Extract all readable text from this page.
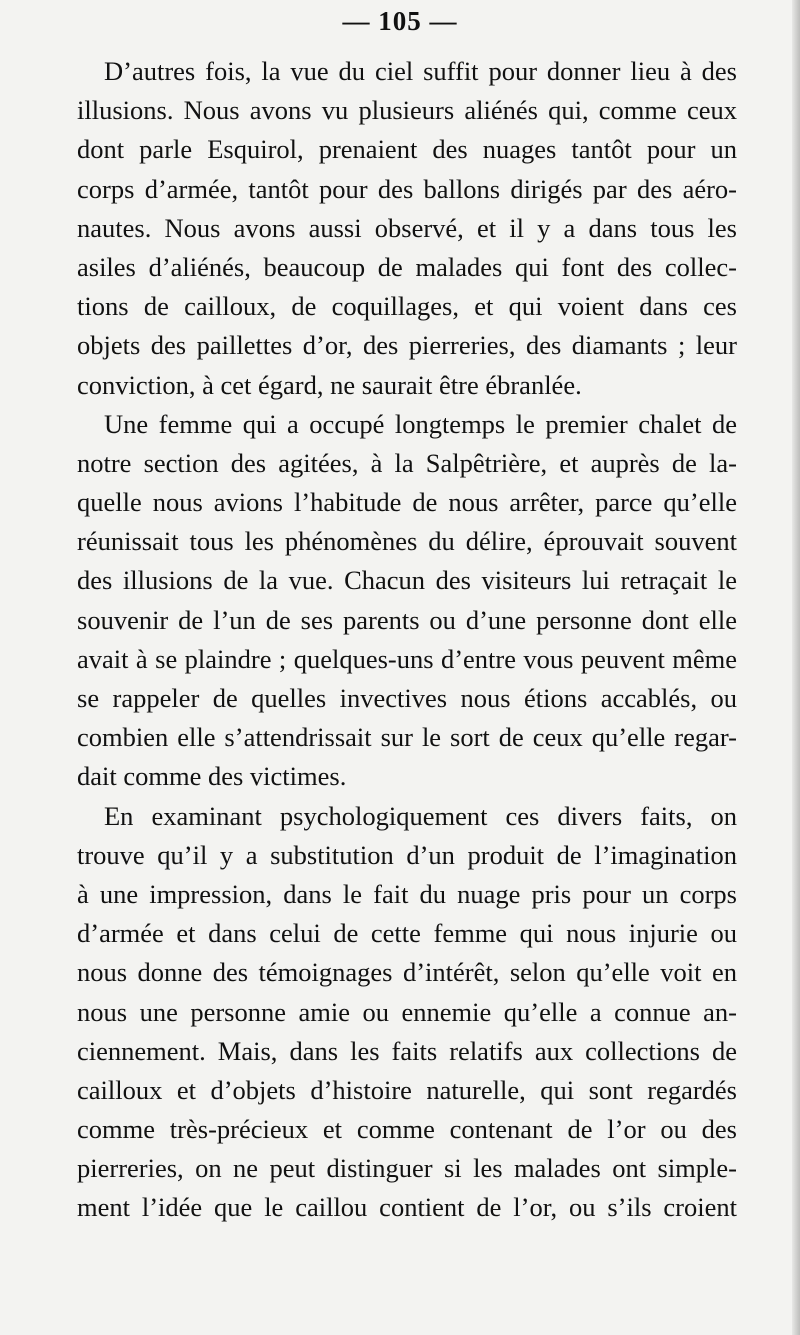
— 105 —
D’autres fois, la vue du ciel suffit pour donner lieu à des
illusions. Nous avons vu plusieurs aliénés qui, comme ceux
dont parle Esquirol, prenaient des nuages tantôt pour un
corps d’armée, tantôt pour des ballons dirigés par des aéro-
nautes. Nous avons aussi observé, et il y a dans tous les
asiles d’aliénés, beaucoup de malades qui font des collec-
tions de cailloux, de coquillages, et qui voient dans ces
objets des paillettes d’or, des pierreries, des diamants ; leur
conviction, à cet égard, ne saurait être ébranlée.
Une femme qui a occupé longtemps le premier chalet de
notre section des agitées, à la Salpêtrière, et auprès de la-
quelle nous avions l’habitude de nous arrêter, parce qu’elle
réunissait tous les phénomènes du délire, éprouvait souvent
des illusions de la vue. Chacun des visiteurs lui retraçait le
souvenir de l’un de ses parents ou d’une personne dont elle
avait à se plaindre ; quelques-uns d’entre vous peuvent même
se rappeler de quelles invectives nous étions accablés, ou
combien elle s’attendrissait sur le sort de ceux qu’elle regar-
dait comme des victimes.
En examinant psychologiquement ces divers faits, on
trouve qu’il y a substitution d’un produit de l’imagination
à une impression, dans le fait du nuage pris pour un corps
d’armée et dans celui de cette femme qui nous injurie ou
nous donne des témoignages d’intérêt, selon qu’elle voit en
nous une personne amie ou ennemie qu’elle a connue an-
ciennement. Mais, dans les faits relatifs aux collections de
cailloux et d’objets d’histoire naturelle, qui sont regardés
comme très-précieux et comme contenant de l’or ou des
pierreries, on ne peut distinguer si les malades ont simple-
ment l’idée que le caillou contient de l’or, ou s’ils croient
